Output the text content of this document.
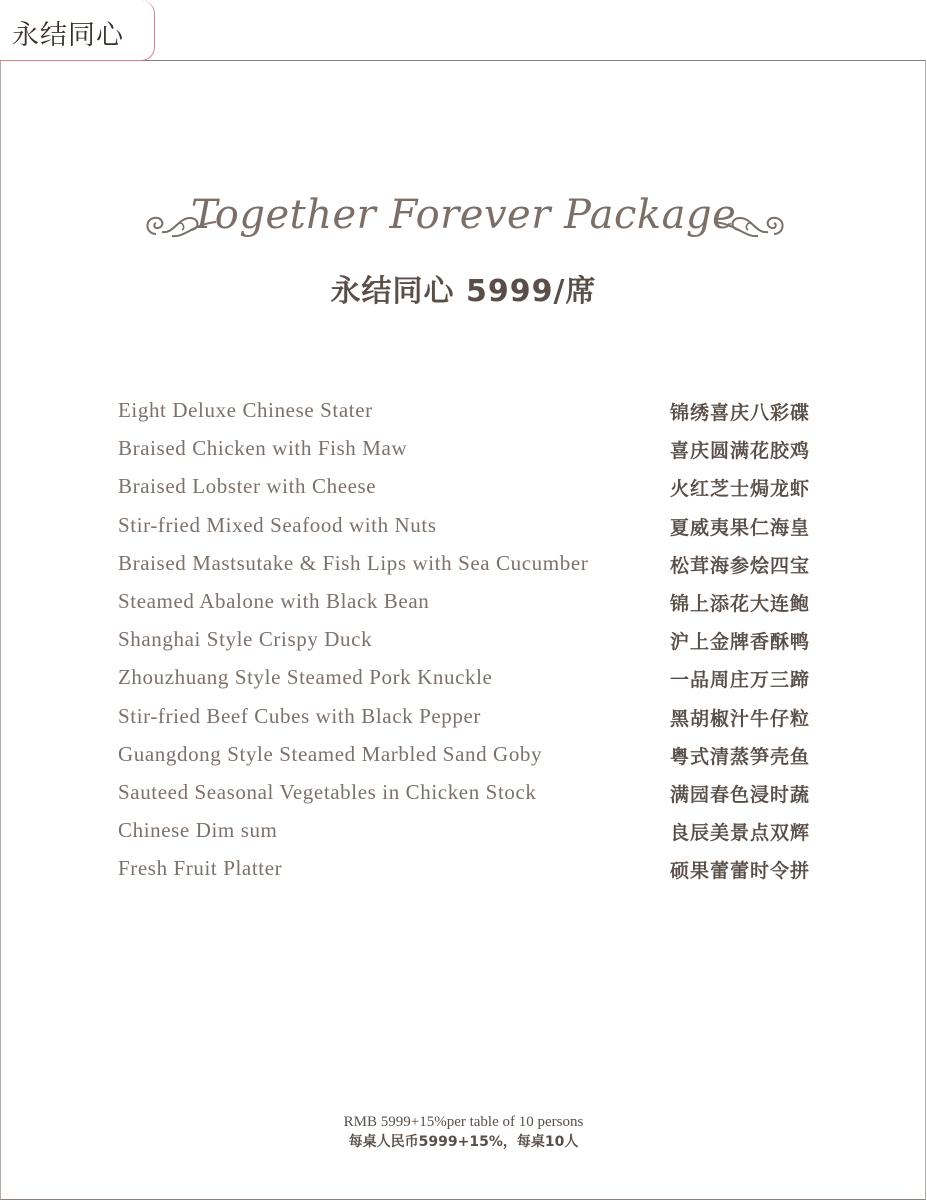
永结同心
Together Forever Package
永结同心 5999/席
Eight Deluxe Chinese Stater	锦绣喜庆八彩碟
Braised Chicken with Fish Maw	喜庆圆满花胶鸡
Braised Lobster with Cheese	火红芝士焗龙虾
Stir-fried Mixed Seafood with Nuts	夏威夷果仁海皇
Braised Mastsutake & Fish Lips with Sea Cucumber	松茸海参烩四宝
Steamed Abalone with Black Bean	锦上添花大连鲍
Shanghai Style Crispy Duck	沪上金牌香酥鸭
Zhouzhuang Style Steamed Pork Knuckle	一品周庄万三蹄
Stir-fried Beef Cubes with Black Pepper	黑胡椒汁牛仔粒
Guangdong Style Steamed Marbled Sand Goby	粤式清蒸笋壳鱼
Sauteed Seasonal Vegetables in Chicken Stock	满园春色浸时蔬
Chinese Dim sum	良辰美景点双辉
Fresh Fruit Platter	硕果蕾蕾时令拼
RMB 5999+15%per table of 10 persons
每桌人民币5999+15%，每桌10人
